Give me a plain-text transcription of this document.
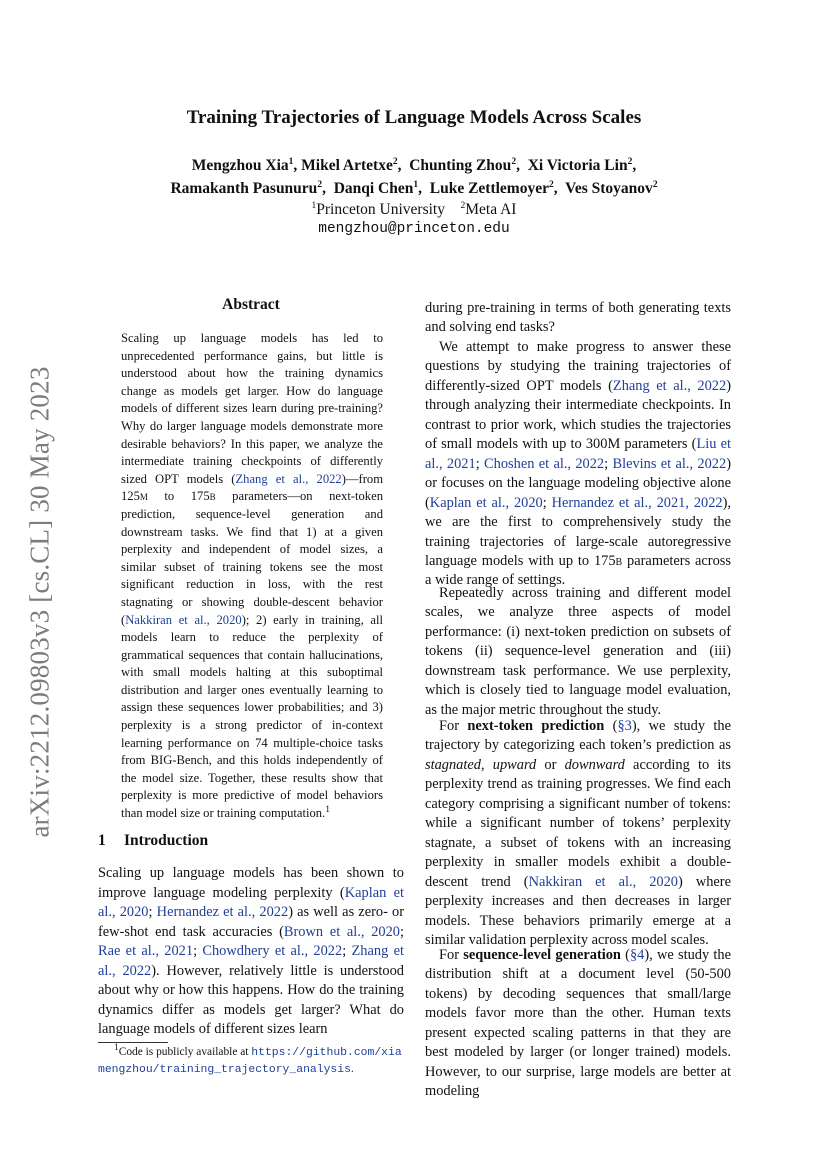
arXiv:2212.09803v3 [cs.CL] 30 May 2023
Training Trajectories of Language Models Across Scales
Mengzhou Xia$^1$, Mikel Artetxe$^2$,  Chunting Zhou$^2$,  Xi Victoria Lin$^2$,
Ramakanth Pasunuru$^2$,  Danqi Chen$^1$,  Luke Zettlemoyer$^2$,  Ves Stoyanov$^2$
$^1$Princeton University $^2$Meta AI
mengzhou@princeton.edu
Abstract

Scaling up language models has led to unprecedented performance gains, but little is understood about how the training dynamics change as models get larger. How do language models of different sizes learn during pre-training? Why do larger language models demonstrate more desirable behaviors? In this paper, we analyze the intermediate training checkpoints of differently sized OPT models (Zhang et al., 2022)—from 125m to 175b parameters—on next-token prediction, sequence-level generation and downstream tasks. We find that 1) at a given perplexity and independent of model sizes, a similar subset of training tokens see the most significant reduction in loss, with the rest stagnating or showing double-descent behavior (Nakkiran et al., 2020); 2) early in training, all models learn to reduce the perplexity of grammatical sequences that contain hallucinations, with small models halting at this suboptimal distribution and larger ones eventually learning to assign these sequences lower probabilities; and 3) perplexity is a strong predictor of in-context learning performance on 74 multiple-choice tasks from BIG-Bench, and this holds independently of the model size. Together, these results show that perplexity is more predictive of model behaviors than model size or training computation.$^1$

1 Introduction

Scaling up language models has been shown to improve language modeling perplexity (Kaplan et al., 2020; Hernandez et al., 2022) as well as zero- or few-shot end task accuracies (Brown et al., 2020; Rae et al., 2021; Chowdhery et al., 2022; Zhang et al., 2022). However, relatively little is understood about why or how this happens. How do the training dynamics differ as models get larger? What do language models of different sizes learn

$^1$Code is publicly available at https://github.com/xiamengzhou/training_trajectory_analysis.

during pre-training in terms of both generating texts and solving end tasks?

We attempt to make progress to answer these questions by studying the training trajectories of differently-sized OPT models (Zhang et al., 2022) through analyzing their intermediate checkpoints. In contrast to prior work, which studies the trajectories of small models with up to 300M parameters (Liu et al., 2021; Choshen et al., 2022; Blevins et al., 2022) or focuses on the language modeling objective alone (Kaplan et al., 2020; Hernandez et al., 2021, 2022), we are the first to comprehensively study the training trajectories of large-scale autoregressive language models with up to 175b parameters across a wide range of settings.

Repeatedly across training and different model scales, we analyze three aspects of model performance: (i) next-token prediction on subsets of tokens (ii) sequence-level generation and (iii) downstream task performance. We use perplexity, which is closely tied to language model evaluation, as the major metric throughout the study.

For next-token prediction (§3), we study the trajectory by categorizing each token’s prediction as stagnated, upward or downward according to its perplexity trend as training progresses. We find each category comprising a significant number of tokens: while a significant number of tokens’ perplexity stagnate, a subset of tokens with an increasing perplexity in smaller models exhibit a double-descent trend (Nakkiran et al., 2020) where perplexity increases and then decreases in larger models. These behaviors primarily emerge at a similar validation perplexity across model scales.

For sequence-level generation (§4), we study the distribution shift at a document level (50-500 tokens) by decoding sequences that small/large models favor more than the other. Human texts present expected scaling patterns in that they are best modeled by larger (or longer trained) models. However, to our surprise, large models are better at modeling
